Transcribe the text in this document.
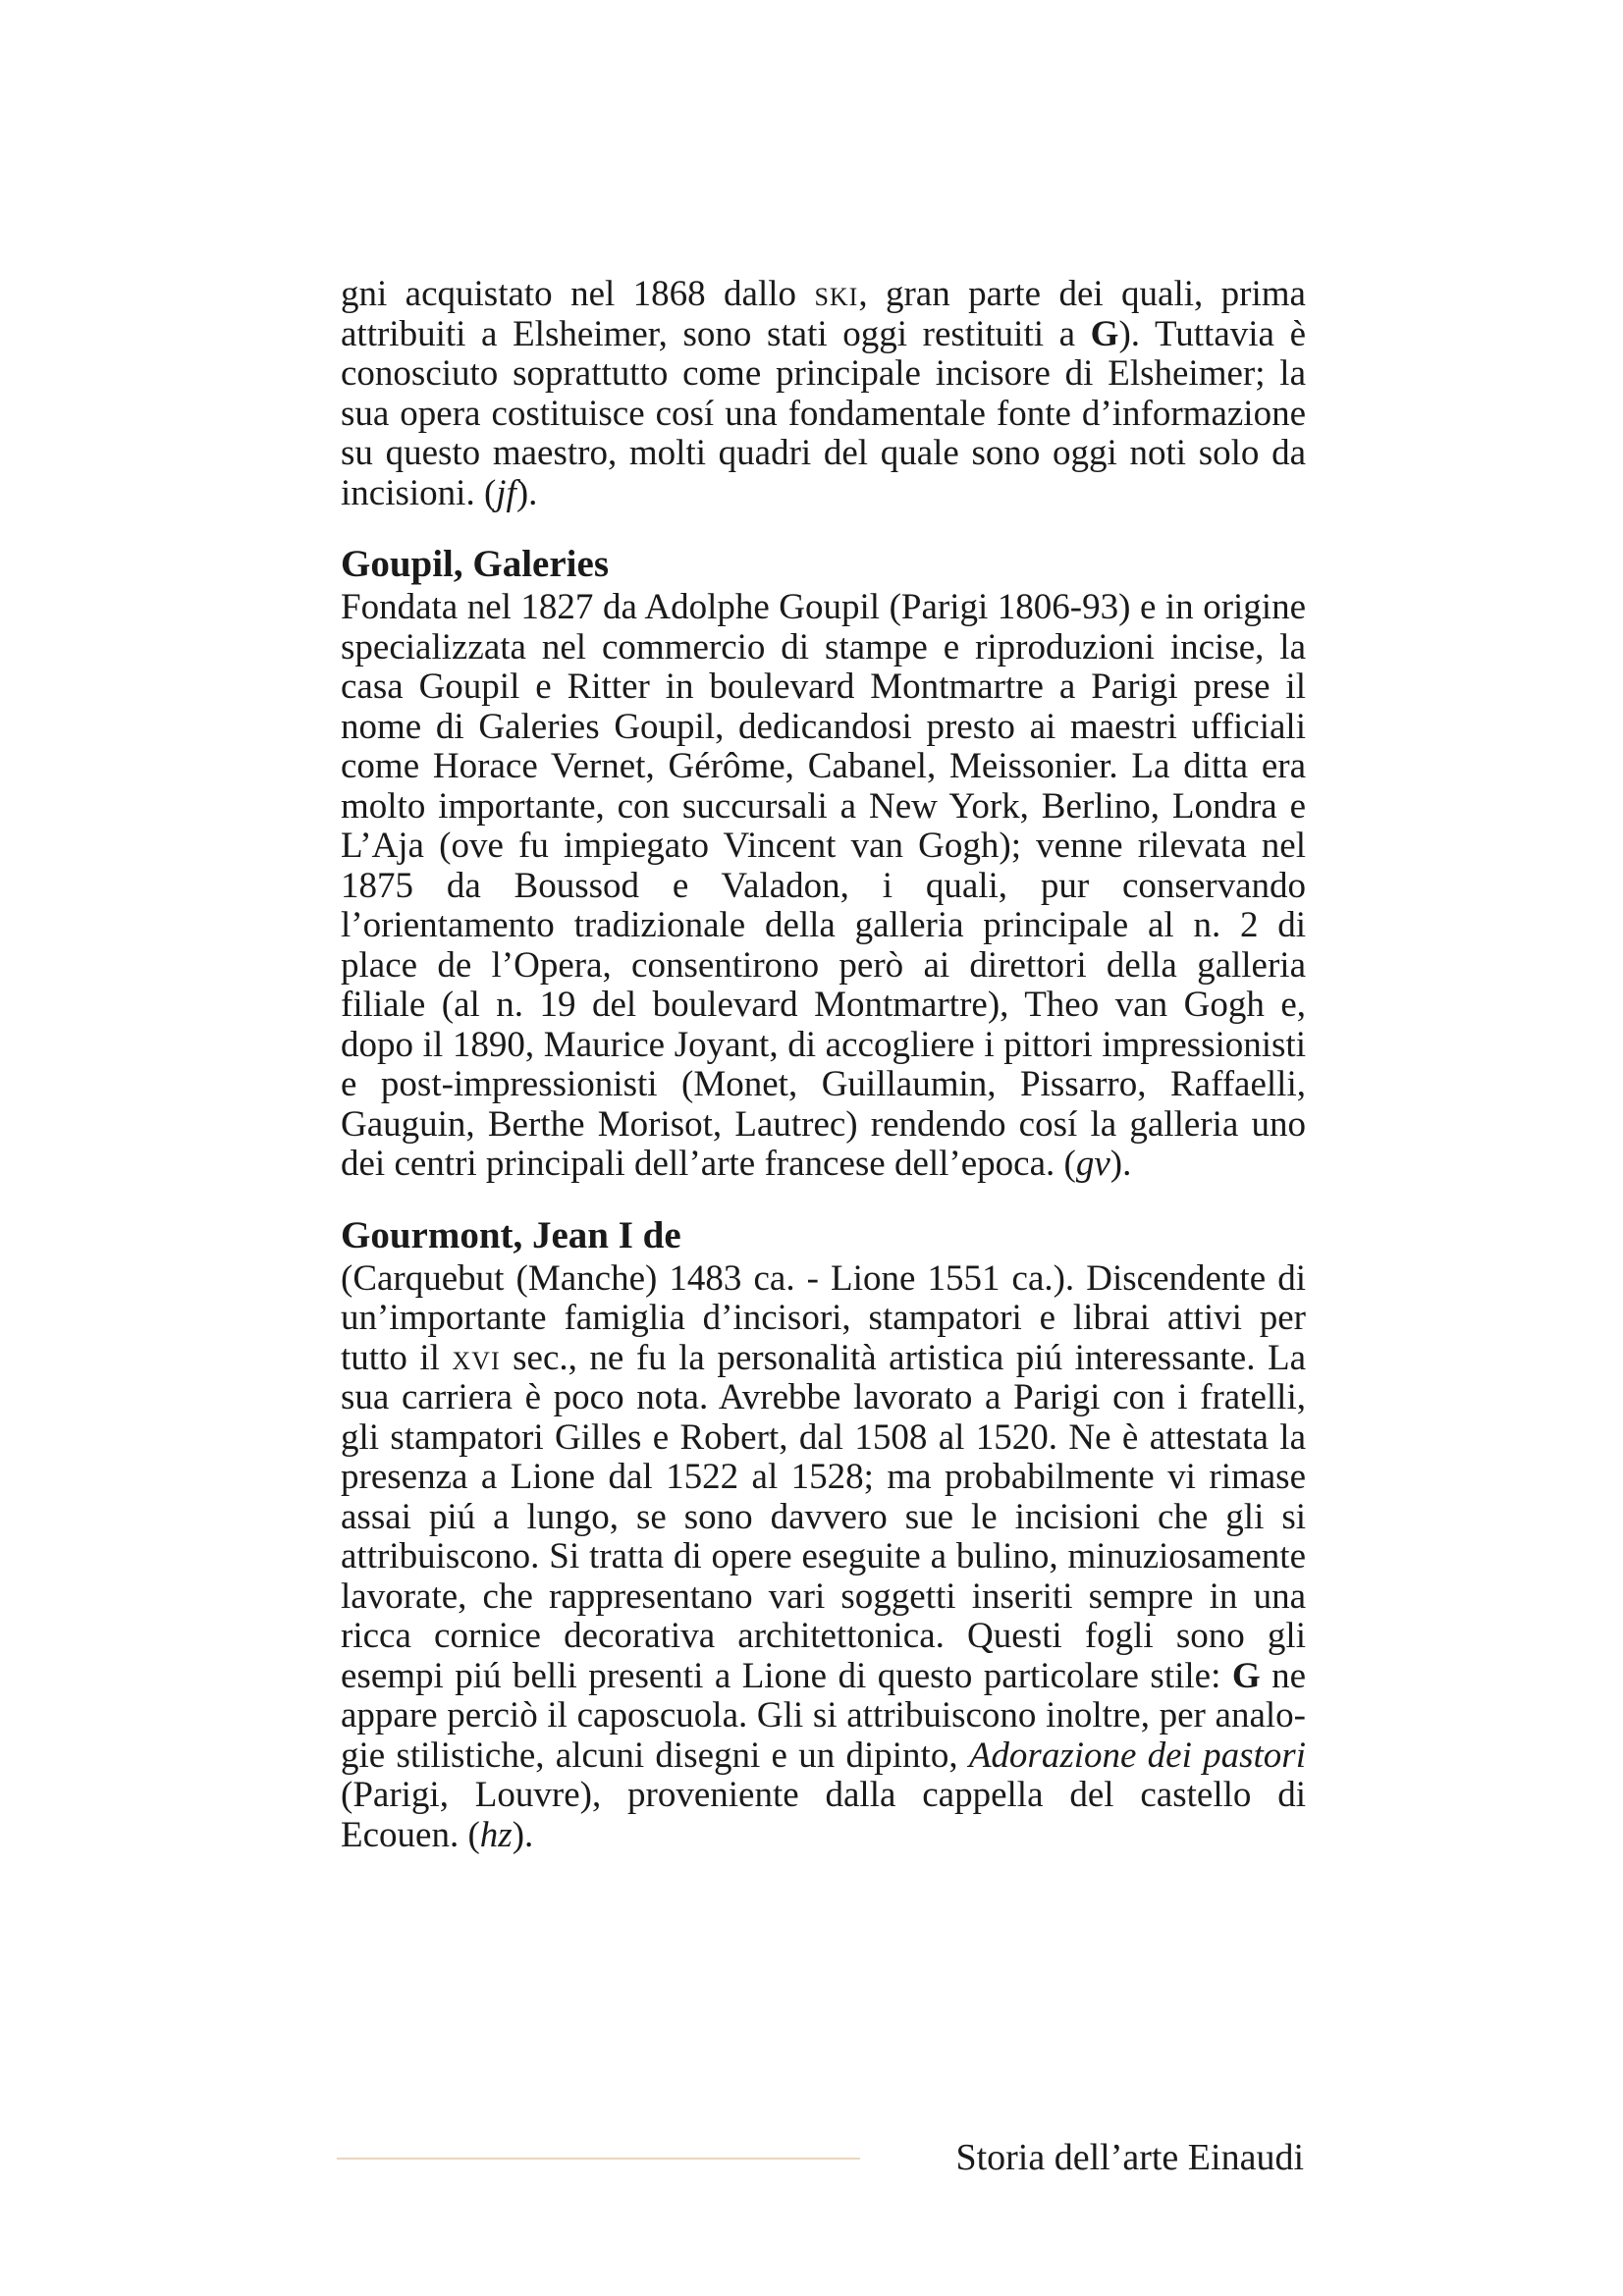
gni acquistato nel 1868 dallo ski, gran parte dei quali, prima attribuiti a Elsheimer, sono stati oggi restituiti a G). Tuttavia è conosciuto soprattutto come principale incisore di Elsheimer; la sua opera costituisce cosí una fondamentale fonte d’informazione su questo maestro, molti quadri del quale sono oggi noti solo da incisioni. (jf).

Goupil, Galeries

Fondata nel 1827 da Adolphe Goupil (Parigi 1806-93) e in origine specializzata nel commercio di stampe e riproduzioni incise, la casa Goupil e Ritter in boulevard Montmartre a Parigi prese il nome di Galeries Goupil, dedicandosi presto ai maestri ufficiali come Horace Vernet, Gérôme, Cabanel, Meissonier. La ditta era molto importante, con succursali a New York, Berlino, Londra e L’Aja (ove fu impiegato Vincent van Gogh); venne rilevata nel 1875 da Boussod e Valadon, i quali, pur conservando l’orientamento tradizionale della galleria principale al n. 2 di place de l’Opera, consentirono però ai direttori della galleria filiale (al n. 19 del boulevard Montmartre), Theo van Gogh e, dopo il 1890, Maurice Joyant, di accogliere i pittori impressionisti e post-impressionisti (Monet, Guillaumin, Pissarro, Raffaelli, Gauguin, Berthe Morisot, Lautrec) rendendo cosí la galleria uno dei centri principali dell’arte francese dell’epoca. (gv).

Gourmont, Jean I de

(Carquebut (Manche) 1483 ca. - Lione 1551 ca.). Discendente di un’importante famiglia d’incisori, stampatori e librai attivi per tutto il xvi sec., ne fu la personalità artistica piú interessante. La sua carriera è poco nota. Avrebbe lavorato a Parigi con i fratelli, gli stampatori Gilles e Robert, dal 1508 al 1520. Ne è attestata la presenza a Lione dal 1522 al 1528; ma probabilmente vi rimase assai piú a lungo, se sono davvero sue le incisioni che gli si attribuiscono. Si tratta di opere eseguite a bulino, minuziosamente lavorate, che rappresentano vari soggetti inseriti sempre in una ricca cornice decorativa architettonica. Questi fogli sono gli esempi piú belli presenti a Lione di questo particolare stile: G ne appare perciò il caposcuola. Gli si attribuiscono inoltre, per analogie stilistiche, alcuni disegni e un dipinto, Adorazione dei pastori (Parigi, Louvre), proveniente dalla cappella del castello di Ecouen. (hz).

Storia dell’arte Einaudi
